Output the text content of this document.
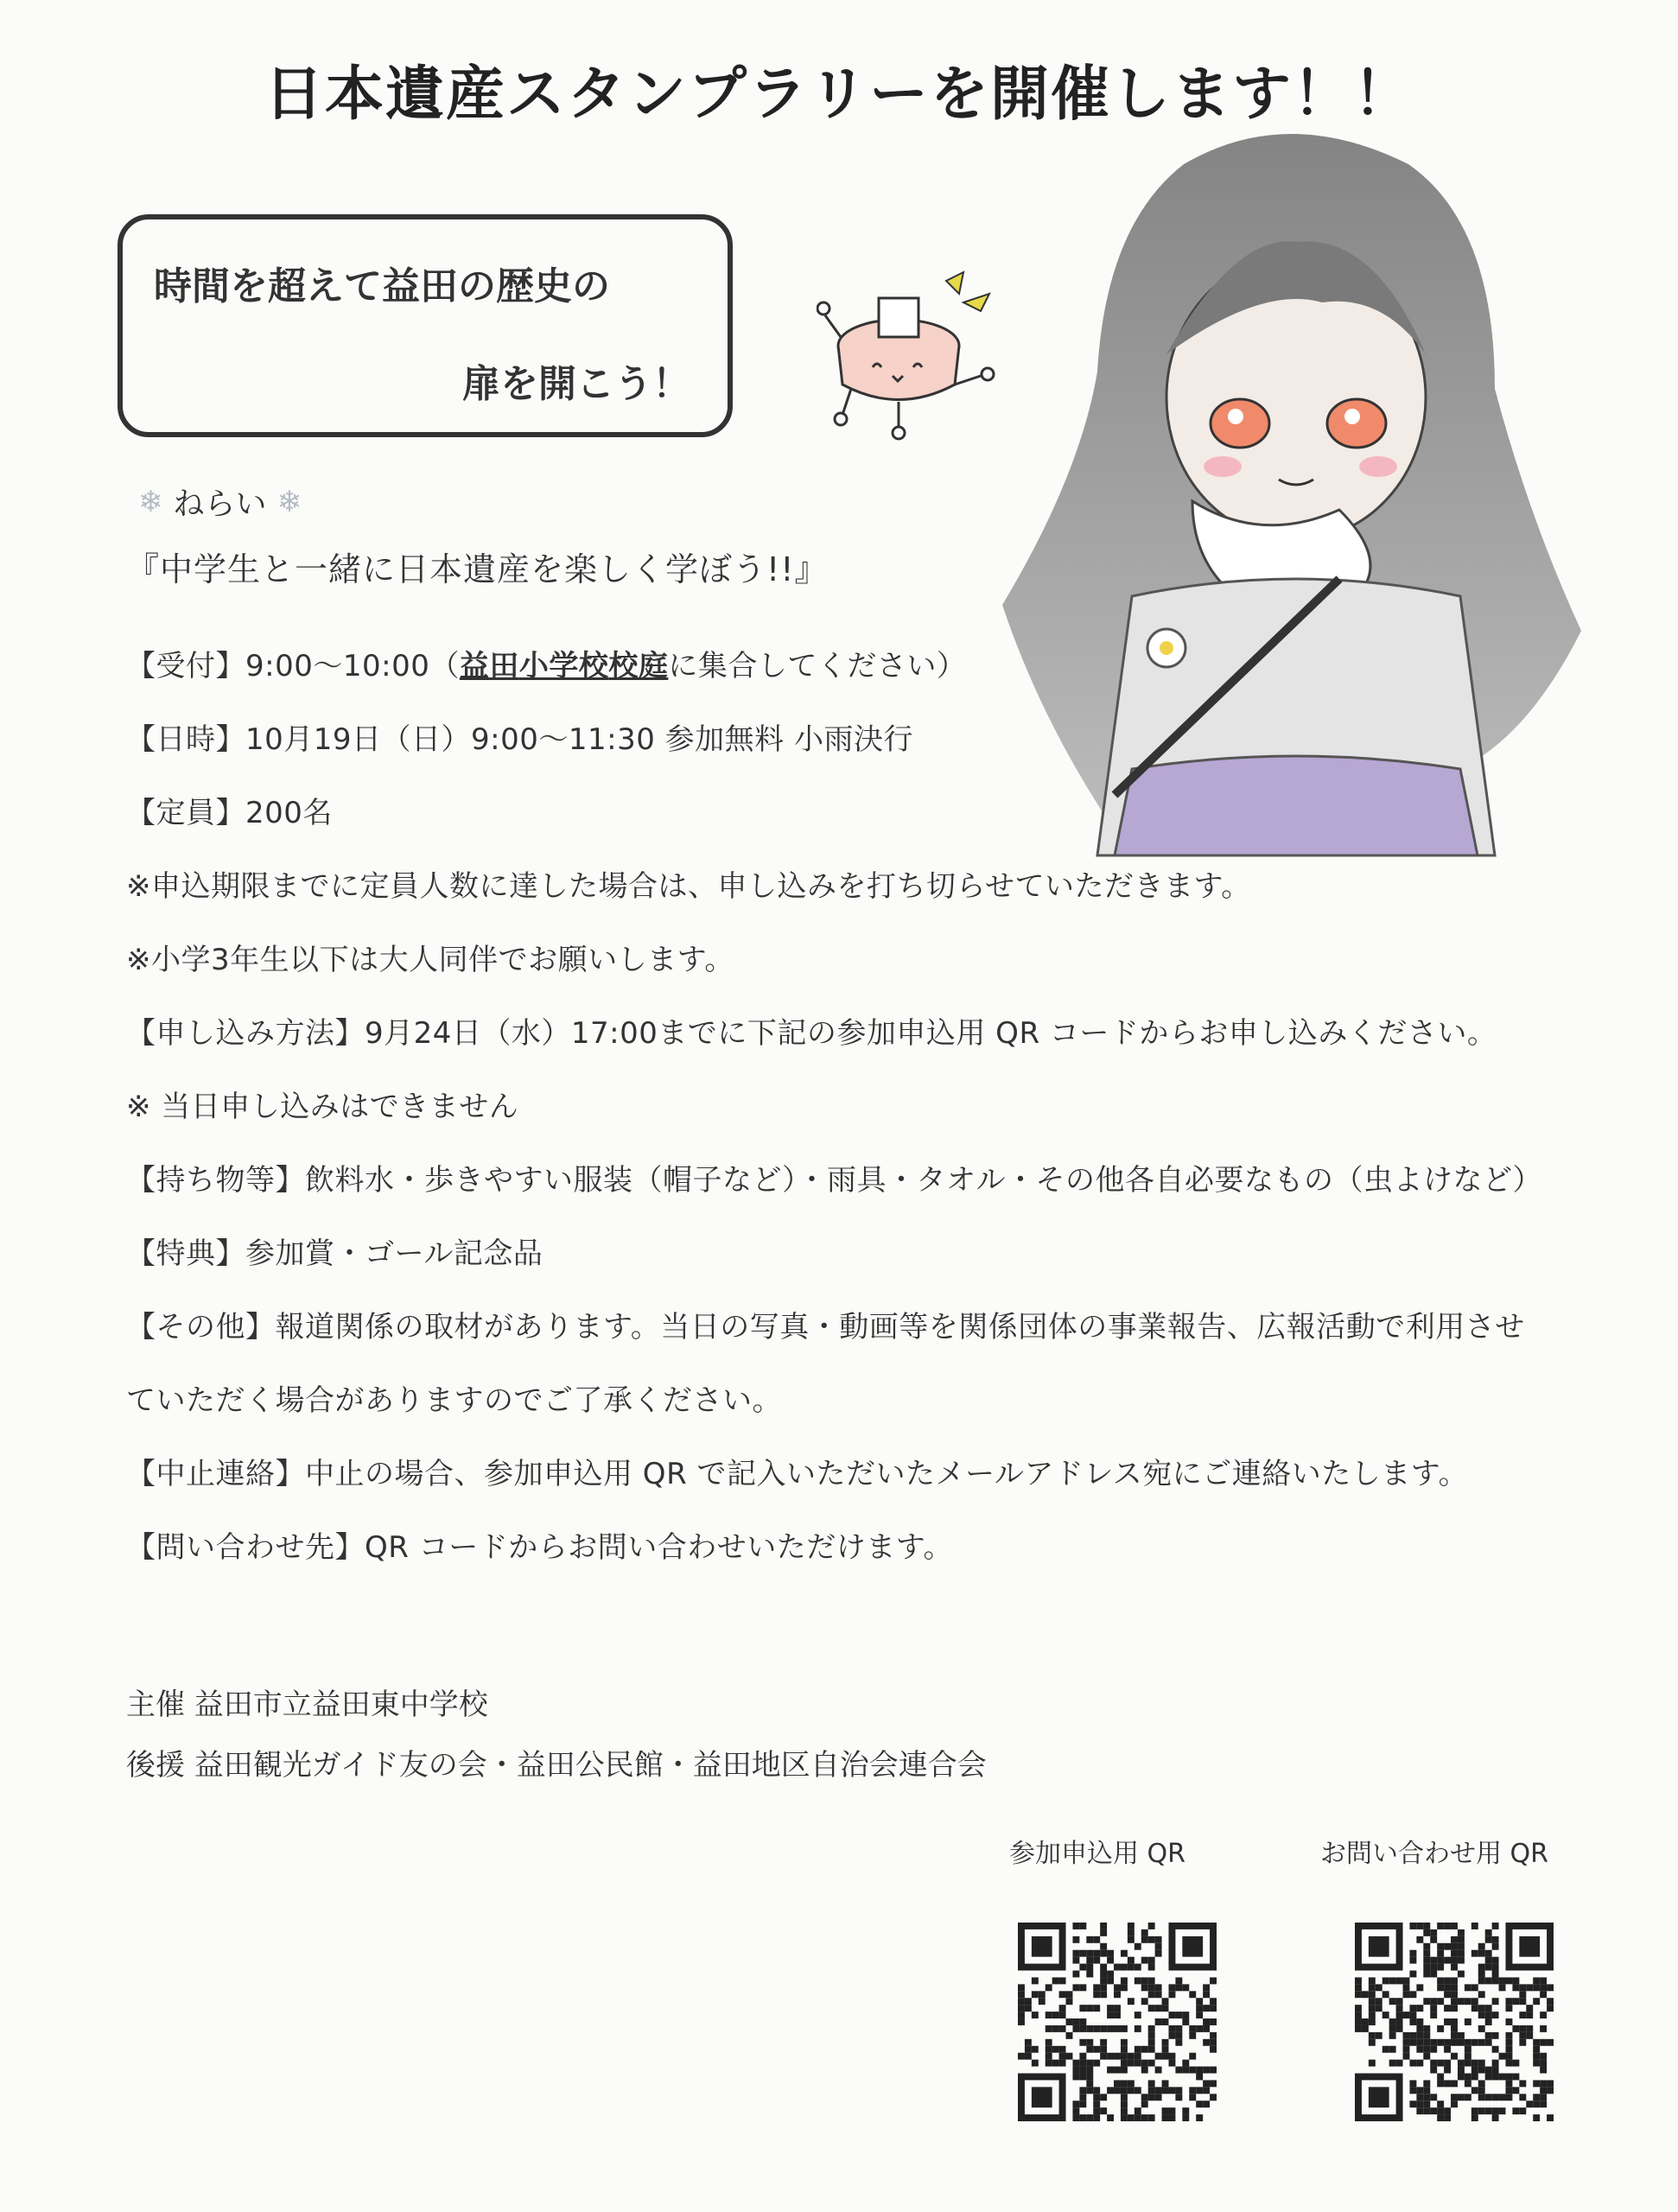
日本遺産スタンプラリーを開催します！！
時間を超えて益田の歴史の
扉を開こう！
❄ ねらい ❄
『中学生と一緒に日本遺産を楽しく学ぼう!!』
【受付】9:00～10:00（益田小学校校庭に集合してください）
【日時】10月19日（日）9:00～11:30 参加無料 小雨決行
【定員】200名
※申込期限までに定員人数に達した場合は、申し込みを打ち切らせていただきます。
※小学3年生以下は大人同伴でお願いします。
【申し込み方法】9月24日（水）17:00までに下記の参加申込用 QR コードからお申し込みください。
※ 当日申し込みはできません
【持ち物等】飲料水・歩きやすい服装（帽子など）・雨具・タオル・その他各自必要なもの（虫よけなど）
【特典】参加賞・ゴール記念品
【その他】報道関係の取材があります。当日の写真・動画等を関係団体の事業報告、広報活動で利用させ
ていただく場合がありますのでご了承ください。
【中止連絡】中止の場合、参加申込用 QR で記入いただいたメールアドレス宛にご連絡いたします。
【問い合わせ先】QR コードからお問い合わせいただけます。
主催 益田市立益田東中学校
後援 益田観光ガイド友の会・益田公民館・益田地区自治会連合会
参加申込用 QR	お問い合わせ用 QR
